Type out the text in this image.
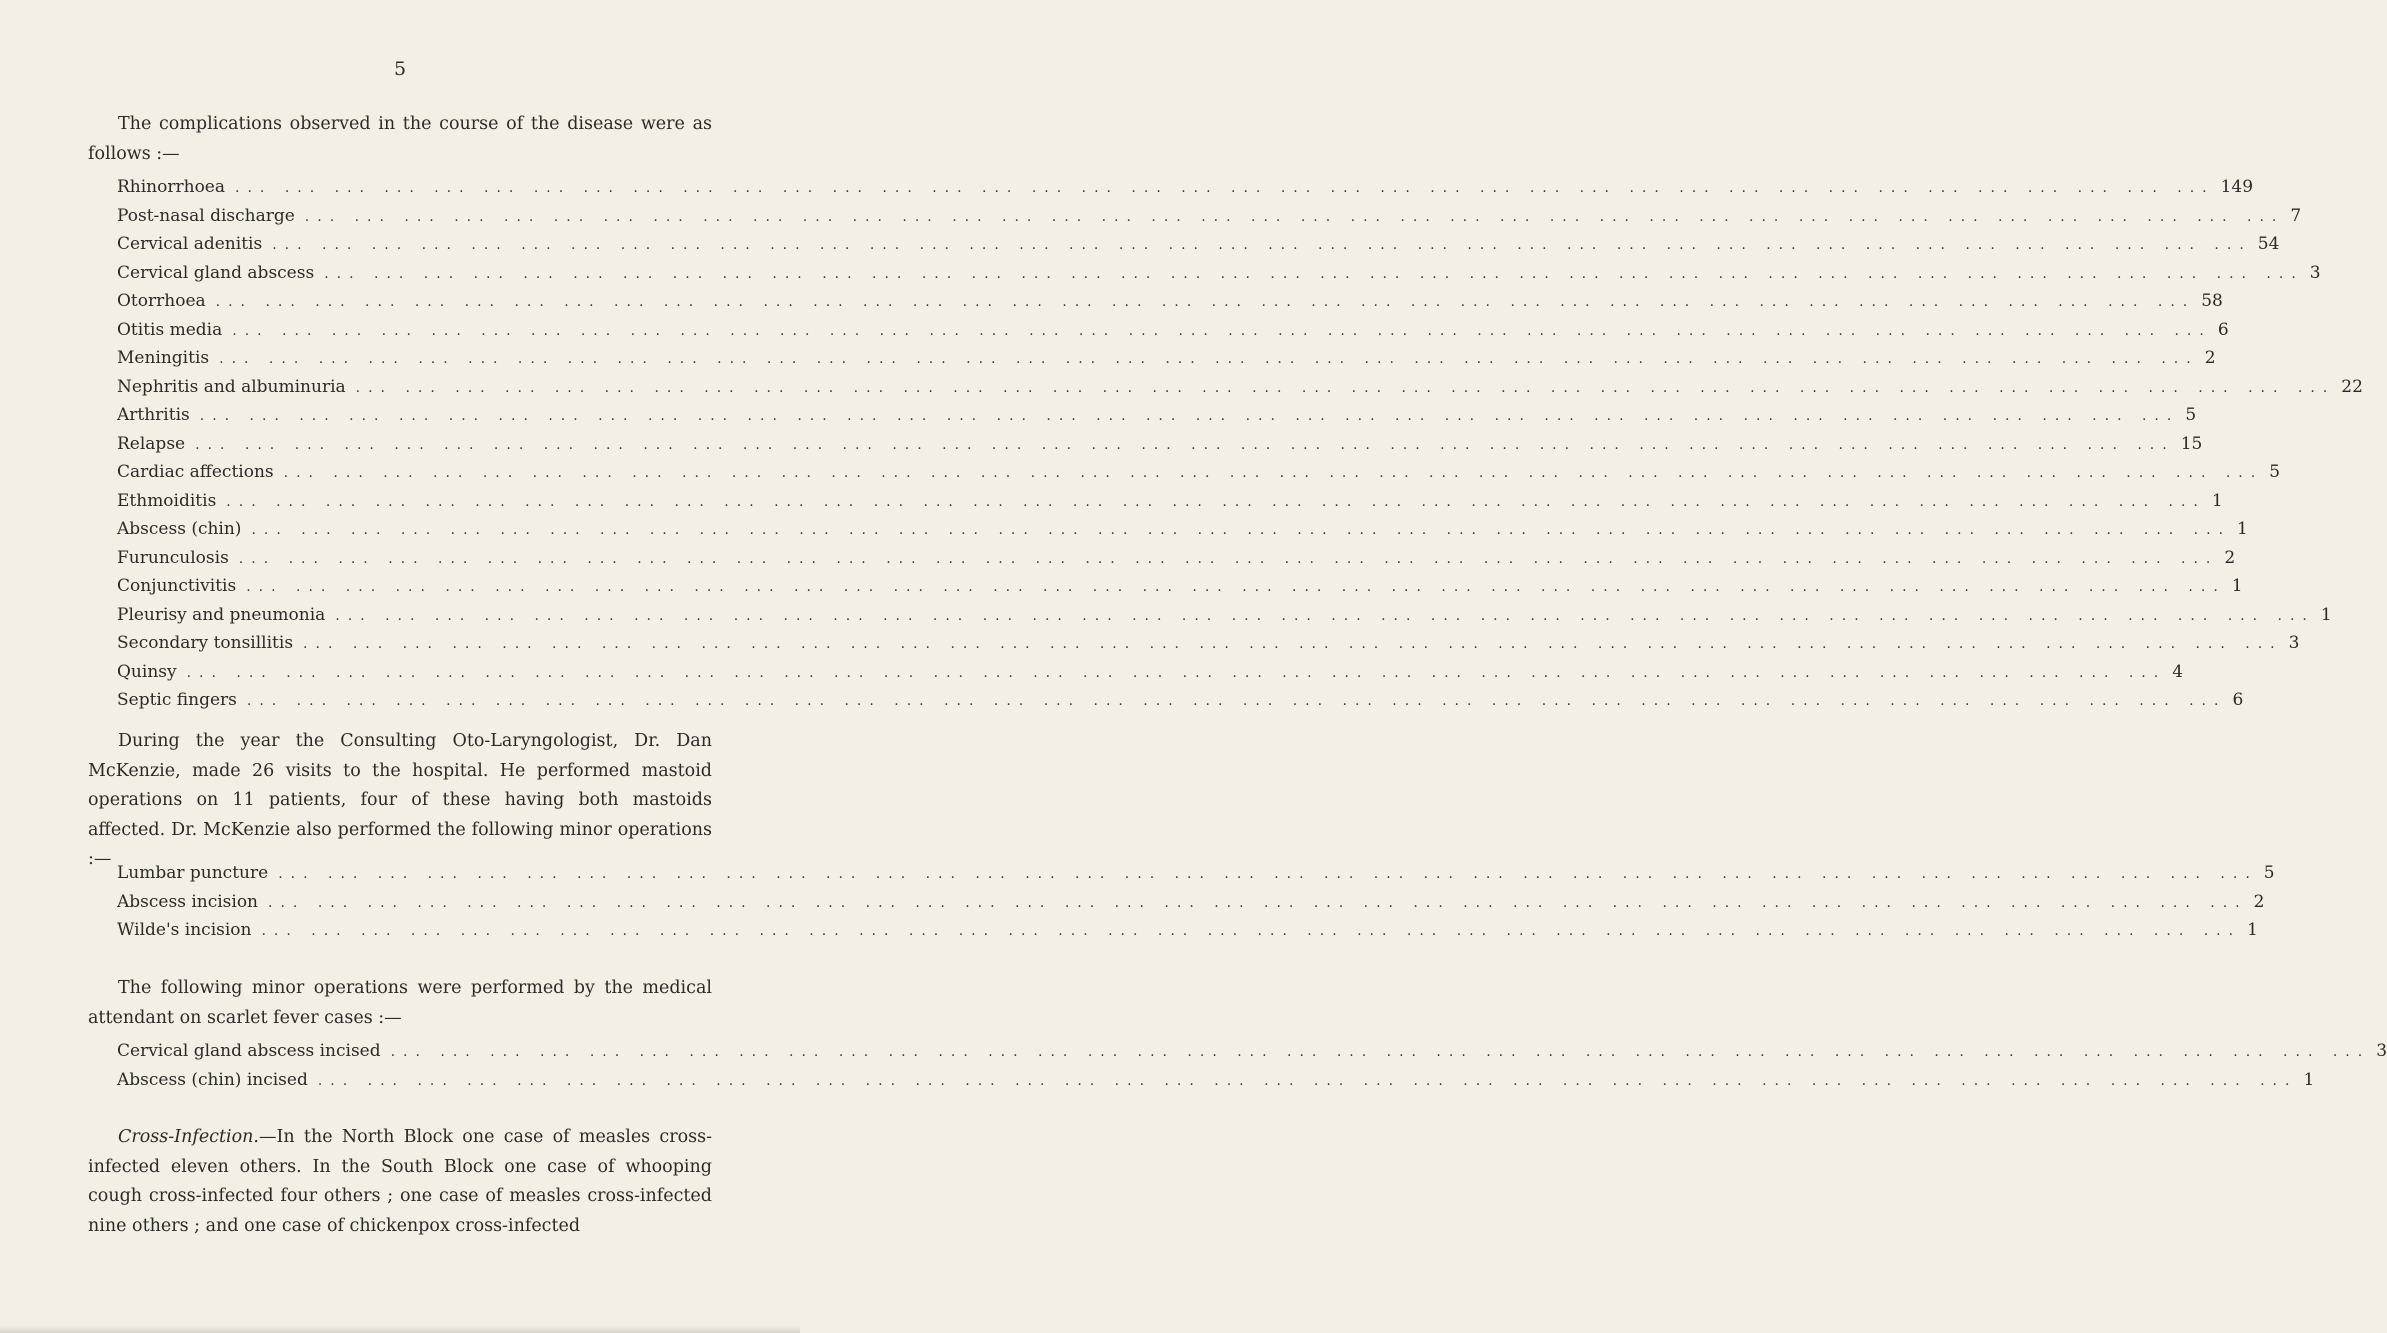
5

The complications observed in the course of the disease were as follows :—

Rhinorrhoea ... ... ... ... ... ... ... ... ... ... ... ... ... ... ... ... ... ... ... ... ... ... ... ... ... ... ... ... ... ... ... ... ... ... ... ... ... ... ... ... 149
Post-nasal discharge ... ... ... ... ... ... ... ... ... ... ... ... ... ... ... ... ... ... ... ... ... ... ... ... ... ... ... ... ... ... ... ... ... ... ... ... ... ... ... ... 7
Cervical adenitis ... ... ... ... ... ... ... ... ... ... ... ... ... ... ... ... ... ... ... ... ... ... ... ... ... ... ... ... ... ... ... ... ... ... ... ... ... ... ... ... 54
Cervical gland abscess ... ... ... ... ... ... ... ... ... ... ... ... ... ... ... ... ... ... ... ... ... ... ... ... ... ... ... ... ... ... ... ... ... ... ... ... ... ... ... ... 3
Otorrhoea ... ... ... ... ... ... ... ... ... ... ... ... ... ... ... ... ... ... ... ... ... ... ... ... ... ... ... ... ... ... ... ... ... ... ... ... ... ... ... ... 58
Otitis media ... ... ... ... ... ... ... ... ... ... ... ... ... ... ... ... ... ... ... ... ... ... ... ... ... ... ... ... ... ... ... ... ... ... ... ... ... ... ... ... 6
Meningitis ... ... ... ... ... ... ... ... ... ... ... ... ... ... ... ... ... ... ... ... ... ... ... ... ... ... ... ... ... ... ... ... ... ... ... ... ... ... ... ... 2
Nephritis and albuminuria ... ... ... ... ... ... ... ... ... ... ... ... ... ... ... ... ... ... ... ... ... ... ... ... ... ... ... ... ... ... ... ... ... ... ... ... ... ... ... ... 22
Arthritis ... ... ... ... ... ... ... ... ... ... ... ... ... ... ... ... ... ... ... ... ... ... ... ... ... ... ... ... ... ... ... ... ... ... ... ... ... ... ... ... 5
Relapse ... ... ... ... ... ... ... ... ... ... ... ... ... ... ... ... ... ... ... ... ... ... ... ... ... ... ... ... ... ... ... ... ... ... ... ... ... ... ... ... 15
Cardiac affections ... ... ... ... ... ... ... ... ... ... ... ... ... ... ... ... ... ... ... ... ... ... ... ... ... ... ... ... ... ... ... ... ... ... ... ... ... ... ... ... 5
Ethmoiditis ... ... ... ... ... ... ... ... ... ... ... ... ... ... ... ... ... ... ... ... ... ... ... ... ... ... ... ... ... ... ... ... ... ... ... ... ... ... ... ... 1
Abscess (chin) ... ... ... ... ... ... ... ... ... ... ... ... ... ... ... ... ... ... ... ... ... ... ... ... ... ... ... ... ... ... ... ... ... ... ... ... ... ... ... ... 1
Furunculosis ... ... ... ... ... ... ... ... ... ... ... ... ... ... ... ... ... ... ... ... ... ... ... ... ... ... ... ... ... ... ... ... ... ... ... ... ... ... ... ... 2
Conjunctivitis ... ... ... ... ... ... ... ... ... ... ... ... ... ... ... ... ... ... ... ... ... ... ... ... ... ... ... ... ... ... ... ... ... ... ... ... ... ... ... ... 1
Pleurisy and pneumonia ... ... ... ... ... ... ... ... ... ... ... ... ... ... ... ... ... ... ... ... ... ... ... ... ... ... ... ... ... ... ... ... ... ... ... ... ... ... ... ... 1
Secondary tonsillitis ... ... ... ... ... ... ... ... ... ... ... ... ... ... ... ... ... ... ... ... ... ... ... ... ... ... ... ... ... ... ... ... ... ... ... ... ... ... ... ... 3
Quinsy ... ... ... ... ... ... ... ... ... ... ... ... ... ... ... ... ... ... ... ... ... ... ... ... ... ... ... ... ... ... ... ... ... ... ... ... ... ... ... ... 4
Septic fingers ... ... ... ... ... ... ... ... ... ... ... ... ... ... ... ... ... ... ... ... ... ... ... ... ... ... ... ... ... ... ... ... ... ... ... ... ... ... ... ... 6

During the year the Consulting Oto-Laryngologist, Dr. Dan McKenzie, made 26 visits to the hospital. He performed mastoid operations on 11 patients, four of these having both mastoids affected. Dr. McKenzie also performed the following minor operations :—

Lumbar puncture ... ... ... ... ... ... ... ... ... ... ... ... ... ... ... ... ... ... ... ... ... ... ... ... ... ... ... ... ... ... ... ... ... ... ... ... ... ... ... ... 5
Abscess incision ... ... ... ... ... ... ... ... ... ... ... ... ... ... ... ... ... ... ... ... ... ... ... ... ... ... ... ... ... ... ... ... ... ... ... ... ... ... ... ... 2
Wilde's incision ... ... ... ... ... ... ... ... ... ... ... ... ... ... ... ... ... ... ... ... ... ... ... ... ... ... ... ... ... ... ... ... ... ... ... ... ... ... ... ... 1

The following minor operations were performed by the medical attendant on scarlet fever cases :—

Cervical gland abscess incised ... ... ... ... ... ... ... ... ... ... ... ... ... ... ... ... ... ... ... ... ... ... ... ... ... ... ... ... ... ... ... ... ... ... ... ... ... ... ... ... 3
Abscess (chin) incised ... ... ... ... ... ... ... ... ... ... ... ... ... ... ... ... ... ... ... ... ... ... ... ... ... ... ... ... ... ... ... ... ... ... ... ... ... ... ... ... 1

Cross-Infection.—In the North Block one case of measles cross-infected eleven others. In the South Block one case of whooping cough cross-infected four others ; one case of measles cross-infected nine others ; and one case of chickenpox cross-infected
